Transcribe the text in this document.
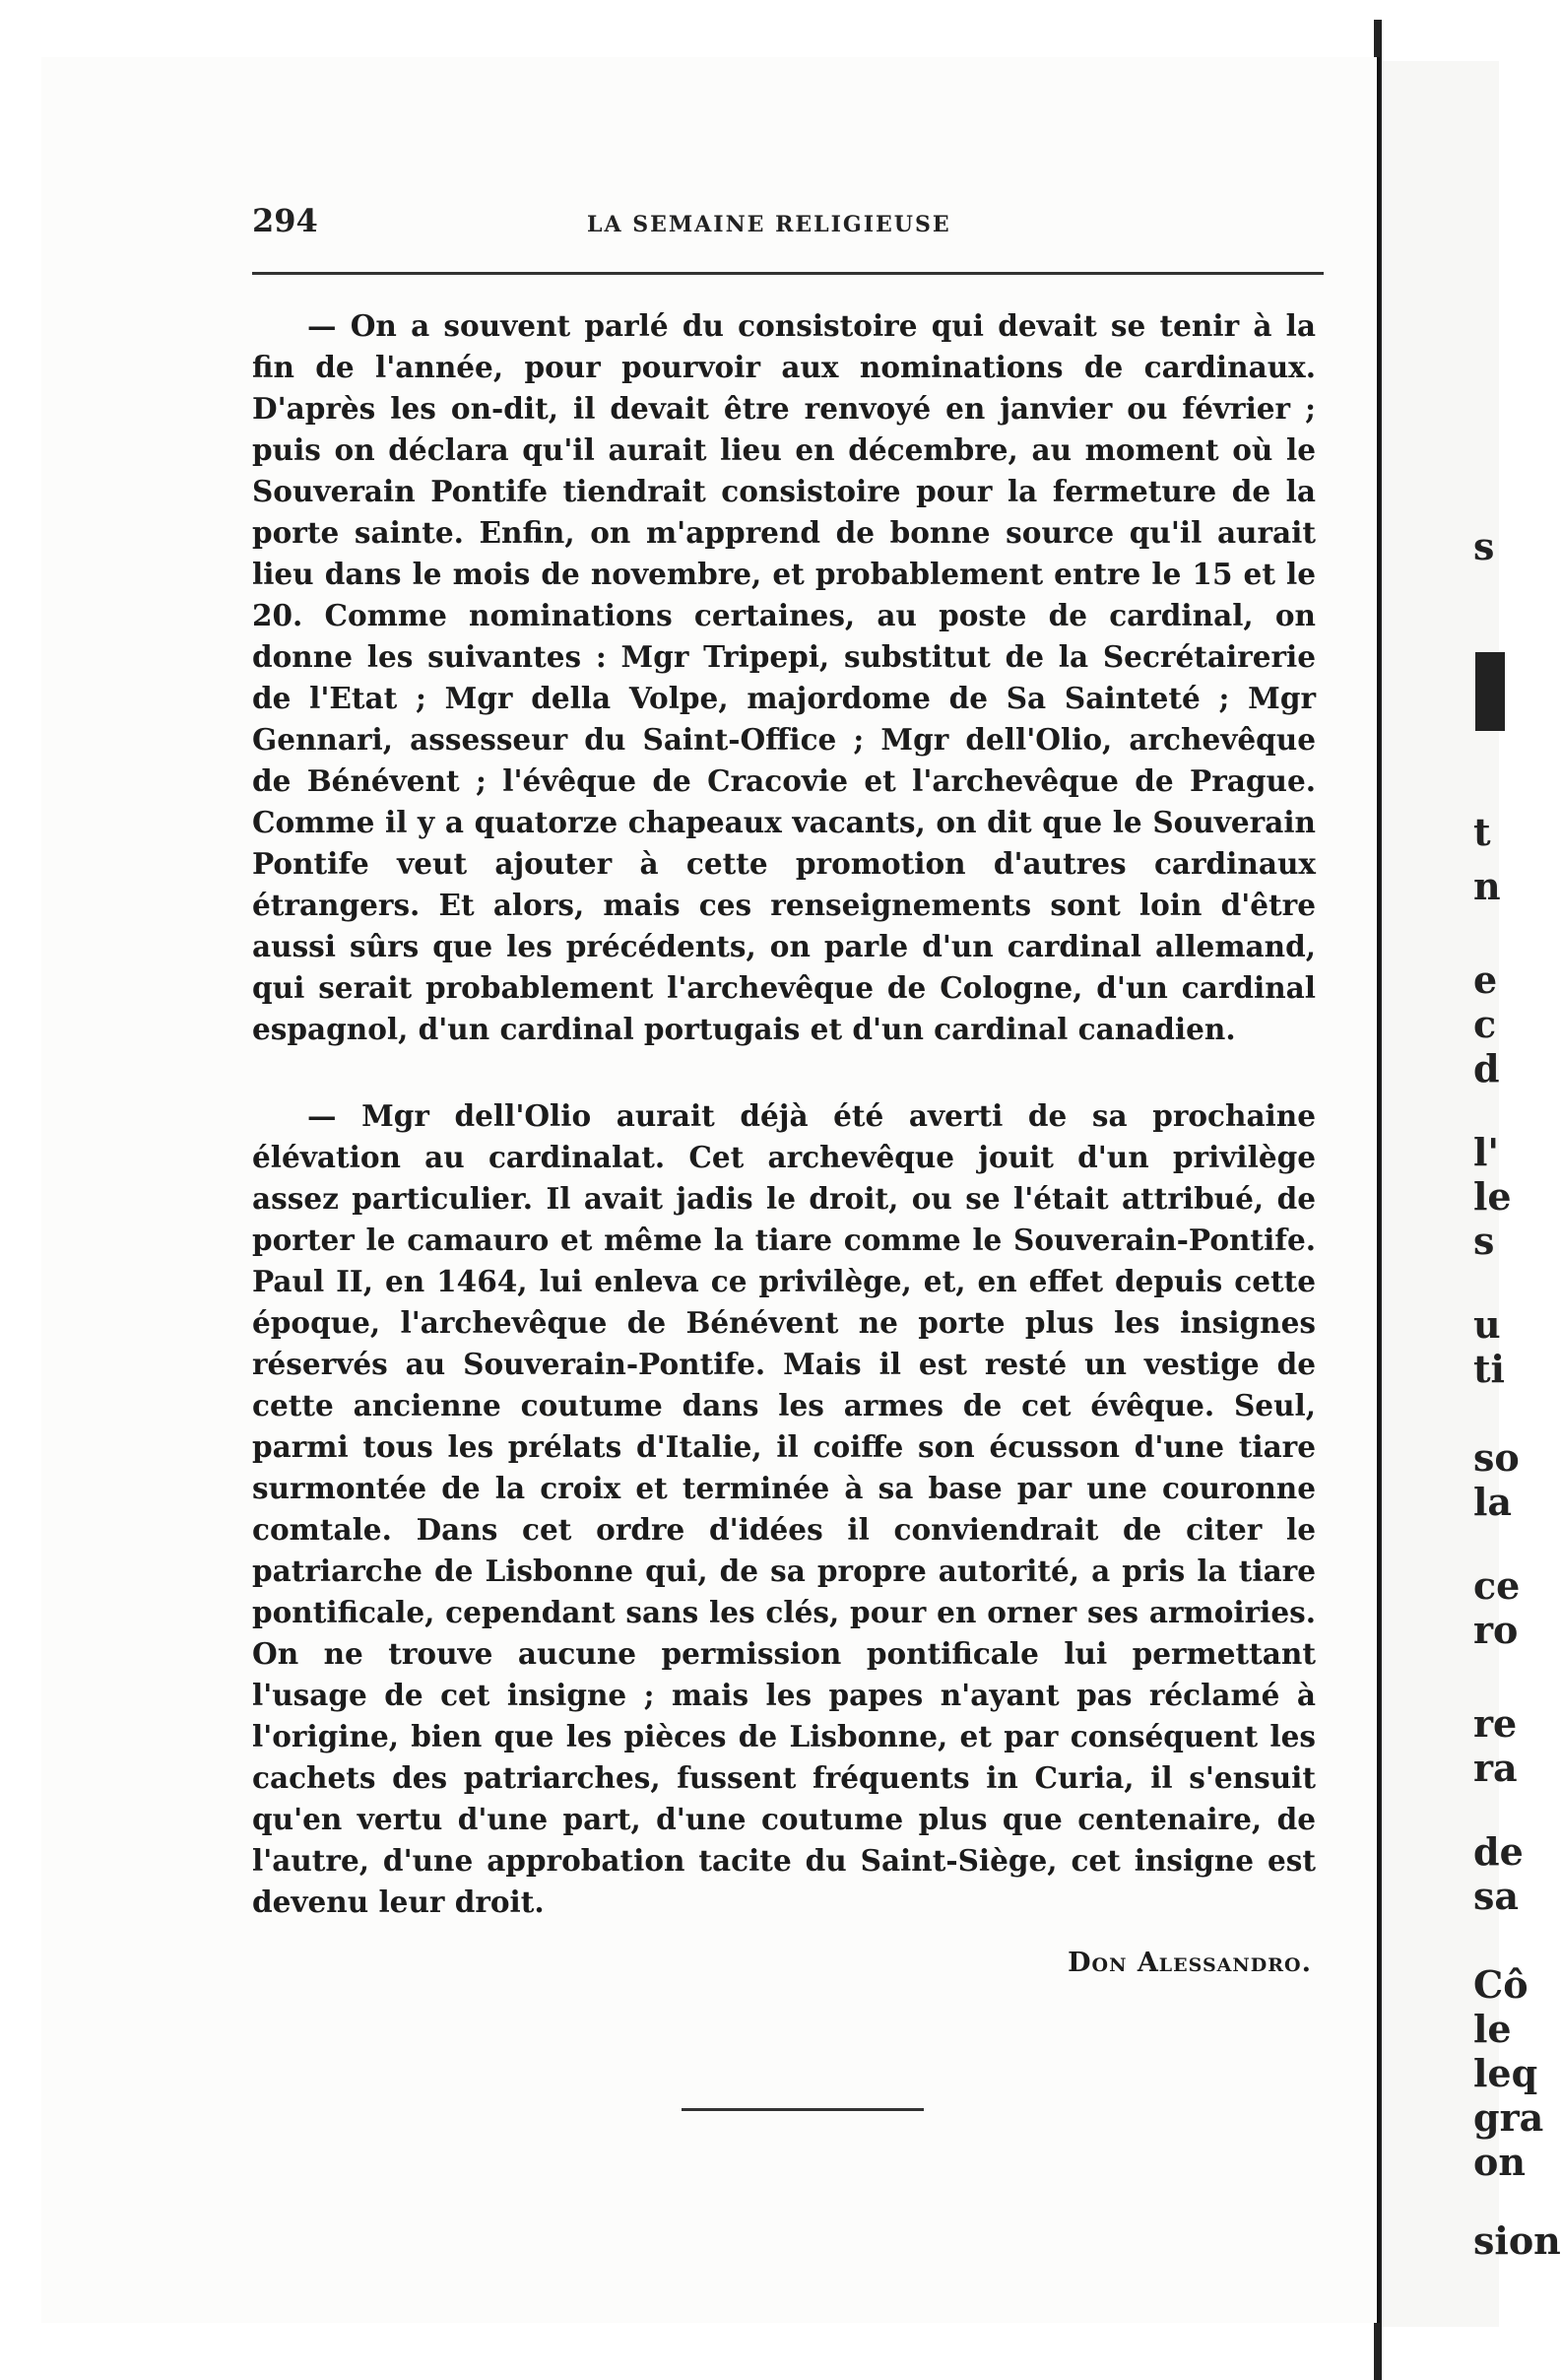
s
t
n
e
c
d
l'
le
s
u
ti
so
la
ce
ro
re
ra
de
sa
Cô
le
leq
gra
on
sion
294	LA SEMAINE RELIGIEUSE

— On a souvent parlé du consistoire qui devait se tenir à la fin de l'année, pour pourvoir aux nominations de cardinaux. D'après les on-dit, il devait être renvoyé en janvier ou février ; puis on déclara qu'il aurait lieu en décembre, au moment où le Souverain Pontife tiendrait consistoire pour la fermeture de la porte sainte. Enfin, on m'apprend de bonne source qu'il aurait lieu dans le mois de novembre, et probablement entre le 15 et le 20. Comme nominations certaines, au poste de cardinal, on donne les suivantes : Mgr Tripepi, substitut de la Secrétairerie de l'Etat ; Mgr della Volpe, majordome de Sa Sainteté ; Mgr Gennari, assesseur du Saint-Office ; Mgr dell'Olio, archevêque de Bénévent ; l'évêque de Cracovie et l'archevêque de Prague. Comme il y a quatorze chapeaux vacants, on dit que le Souverain Pontife veut ajouter à cette promotion d'autres cardinaux étrangers. Et alors, mais ces renseignements sont loin d'être aussi sûrs que les précédents, on parle d'un cardinal allemand, qui serait probablement l'archevêque de Cologne, d'un cardinal espagnol, d'un cardinal portugais et d'un cardinal canadien.

— Mgr dell'Olio aurait déjà été averti de sa prochaine élévation au cardinalat. Cet archevêque jouit d'un privilège assez particulier. Il avait jadis le droit, ou se l'était attribué, de porter le camauro et même la tiare comme le Souverain-Pontife. Paul II, en 1464, lui enleva ce privilège, et, en effet depuis cette époque, l'archevêque de Bénévent ne porte plus les insignes réservés au Souverain-Pontife. Mais il est resté un vestige de cette ancienne coutume dans les armes de cet évêque. Seul, parmi tous les prélats d'Italie, il coiffe son écusson d'une tiare surmontée de la croix et terminée à sa base par une couronne comtale. Dans cet ordre d'idées il conviendrait de citer le patriarche de Lisbonne qui, de sa propre autorité, a pris la tiare pontificale, cependant sans les clés, pour en orner ses armoiries. On ne trouve aucune permission pontificale lui permettant l'usage de cet insigne ; mais les papes n'ayant pas réclamé à l'origine, bien que les pièces de Lisbonne, et par conséquent les cachets des patriarches, fussent fréquents in Curia, il s'ensuit qu'en vertu d'une part, d'une coutume plus que centenaire, de l'autre, d'une approbation tacite du Saint-Siège, cet insigne est devenu leur droit.

Don Alessandro.
